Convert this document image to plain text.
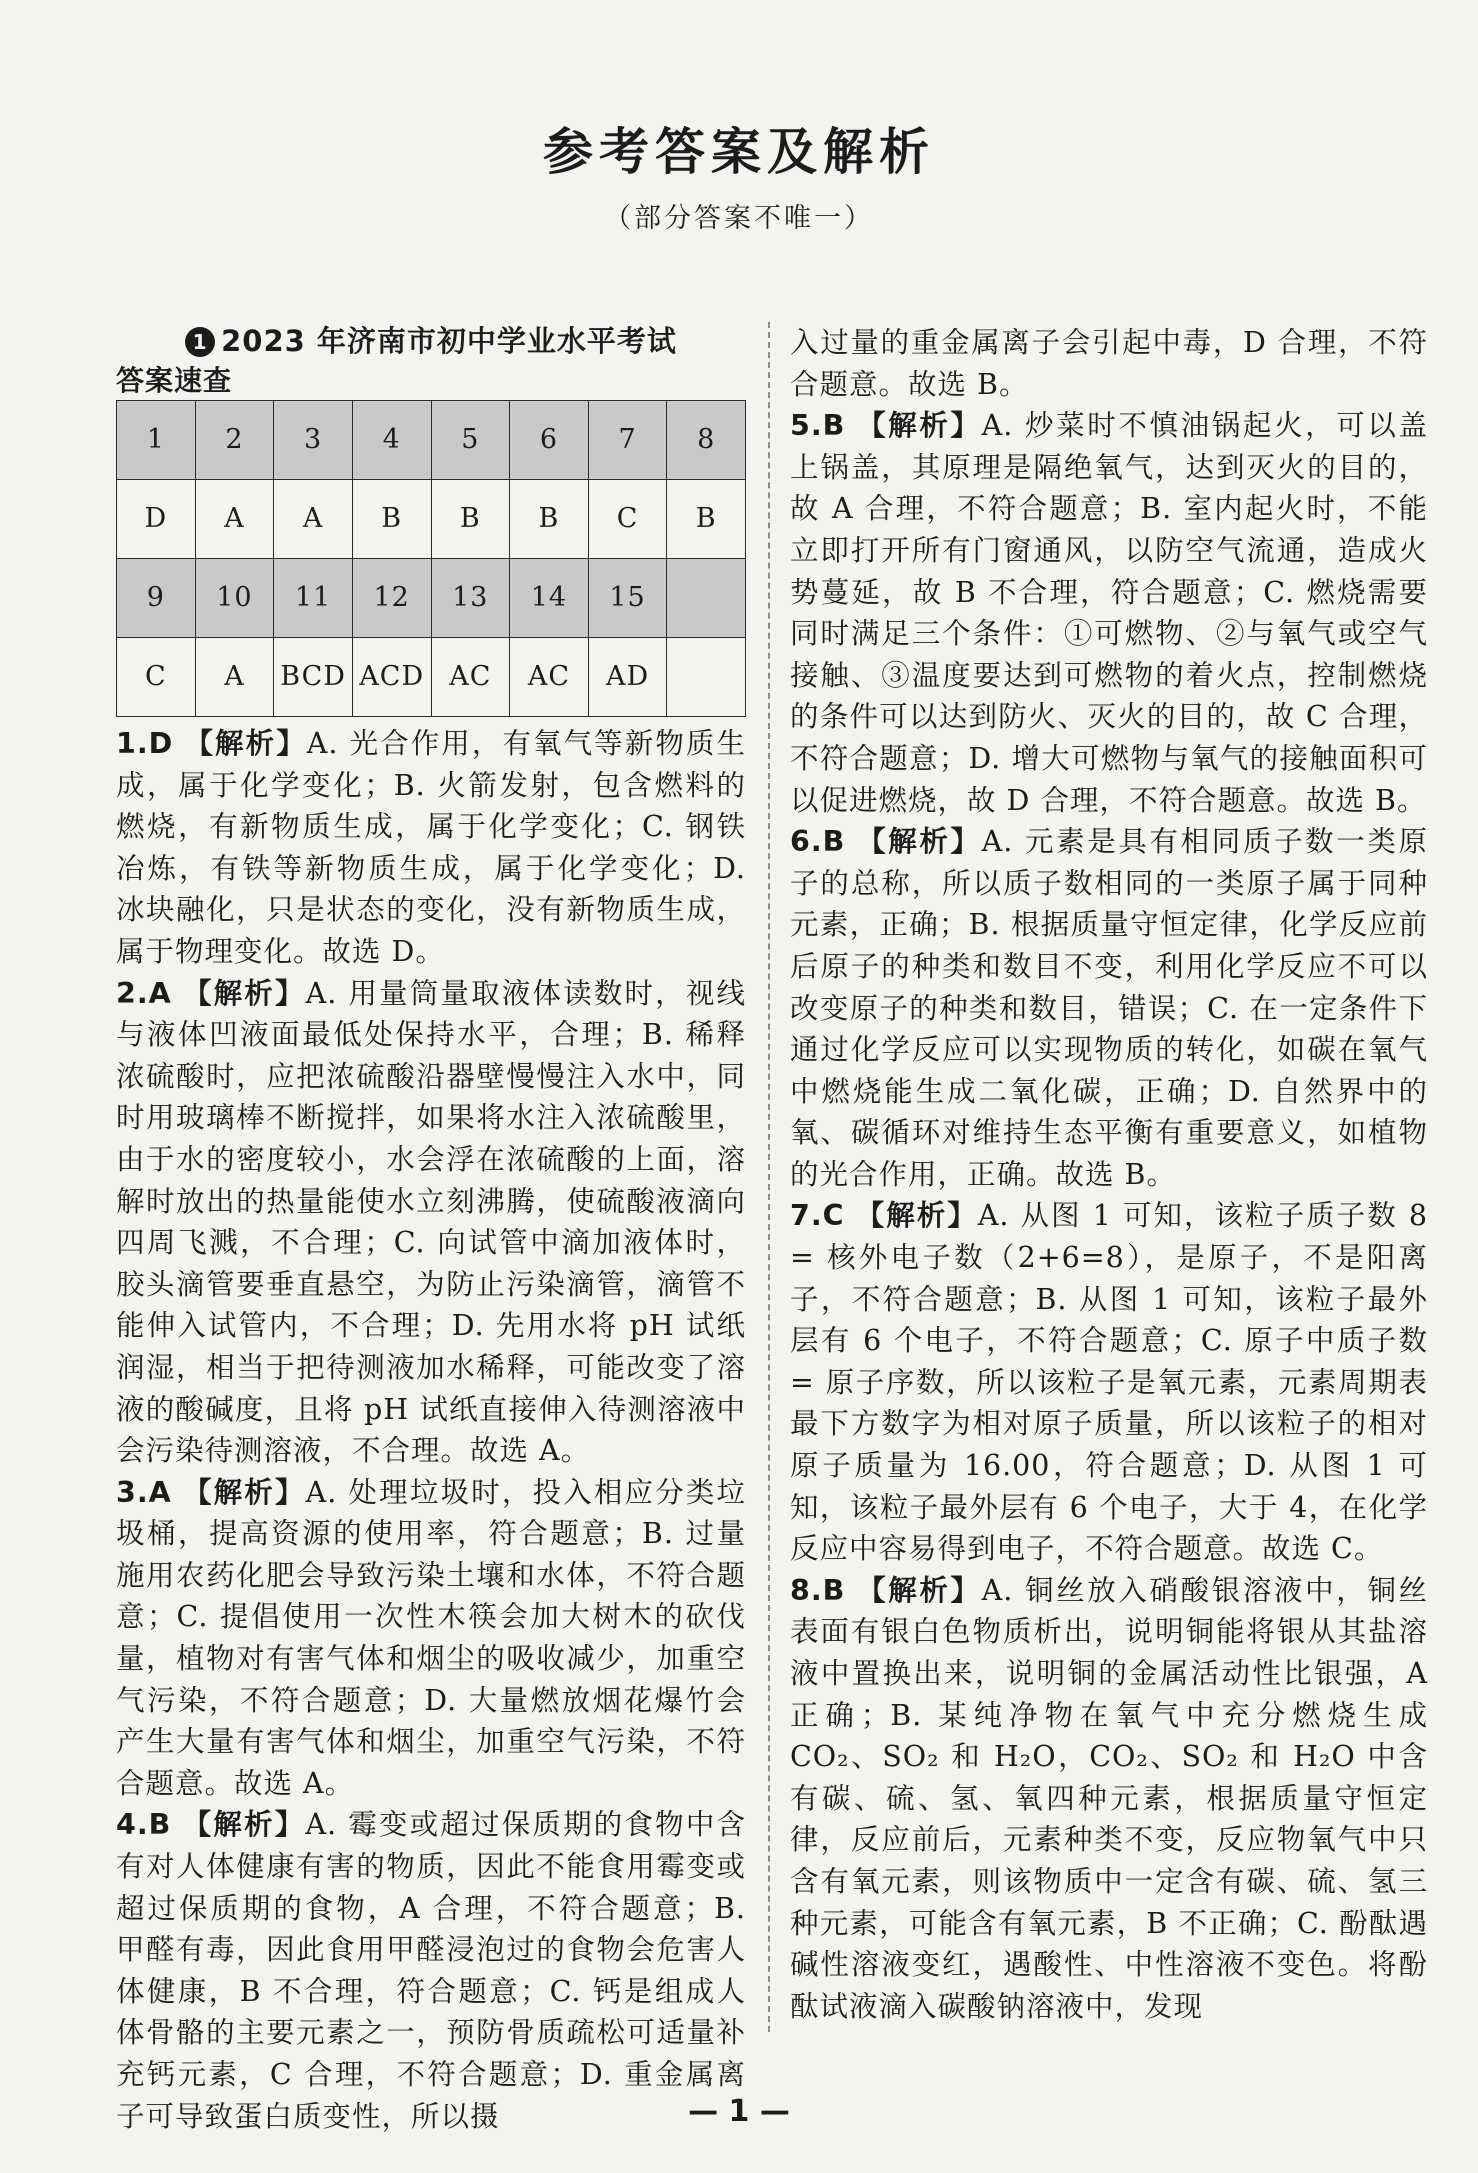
参考答案及解析
（部分答案不唯一）

1 2023 年济南市初中学业水平考试

答案速查
1	2	3	4	5	6	7	8
D	A	A	B	B	B	C	B
9	10	11	12	13	14	15	
C	A	BCD	ACD	AC	AC	AD	

1.D 【解析】A. 光合作用，有氧气等新物质生成，属于化学变化；B. 火箭发射，包含燃料的燃烧，有新物质生成，属于化学变化；C. 钢铁冶炼，有铁等新物质生成，属于化学变化；D. 冰块融化，只是状态的变化，没有新物质生成，属于物理变化。故选 D。

2.A 【解析】A. 用量筒量取液体读数时，视线与液体凹液面最低处保持水平，合理；B. 稀释浓硫酸时，应把浓硫酸沿器壁慢慢注入水中，同时用玻璃棒不断搅拌，如果将水注入浓硫酸里，由于水的密度较小，水会浮在浓硫酸的上面，溶解时放出的热量能使水立刻沸腾，使硫酸液滴向四周飞溅，不合理；C. 向试管中滴加液体时，胶头滴管要垂直悬空，为防止污染滴管，滴管不能伸入试管内，不合理；D. 先用水将 pH 试纸润湿，相当于把待测液加水稀释，可能改变了溶液的酸碱度，且将 pH 试纸直接伸入待测溶液中会污染待测溶液，不合理。故选 A。

3.A 【解析】A. 处理垃圾时，投入相应分类垃圾桶，提高资源的使用率，符合题意；B. 过量施用农药化肥会导致污染土壤和水体，不符合题意；C. 提倡使用一次性木筷会加大树木的砍伐量，植物对有害气体和烟尘的吸收减少，加重空气污染，不符合题意；D. 大量燃放烟花爆竹会产生大量有害气体和烟尘，加重空气污染，不符合题意。故选 A。

4.B 【解析】A. 霉变或超过保质期的食物中含有对人体健康有害的物质，因此不能食用霉变或超过保质期的食物，A 合理，不符合题意；B. 甲醛有毒，因此食用甲醛浸泡过的食物会危害人体健康，B 不合理，符合题意；C. 钙是组成人体骨骼的主要元素之一，预防骨质疏松可适量补充钙元素，C 合理，不符合题意；D. 重金属离子可导致蛋白质变性，所以摄

入过量的重金属离子会引起中毒，D 合理，不符合题意。故选 B。

5.B 【解析】A. 炒菜时不慎油锅起火，可以盖上锅盖，其原理是隔绝氧气，达到灭火的目的，故 A 合理，不符合题意；B. 室内起火时，不能立即打开所有门窗通风，以防空气流通，造成火势蔓延，故 B 不合理，符合题意；C. 燃烧需要同时满足三个条件：①可燃物、②与氧气或空气接触、③温度要达到可燃物的着火点，控制燃烧的条件可以达到防火、灭火的目的，故 C 合理，不符合题意；D. 增大可燃物与氧气的接触面积可以促进燃烧，故 D 合理，不符合题意。故选 B。

6.B 【解析】A. 元素是具有相同质子数一类原子的总称，所以质子数相同的一类原子属于同种元素，正确；B. 根据质量守恒定律，化学反应前后原子的种类和数目不变，利用化学反应不可以改变原子的种类和数目，错误；C. 在一定条件下通过化学反应可以实现物质的转化，如碳在氧气中燃烧能生成二氧化碳，正确；D. 自然界中的氧、碳循环对维持生态平衡有重要意义，如植物的光合作用，正确。故选 B。

7.C 【解析】A. 从图 1 可知，该粒子质子数 8 = 核外电子数（2+6=8），是原子，不是阳离子，不符合题意；B. 从图 1 可知，该粒子最外层有 6 个电子，不符合题意；C. 原子中质子数 = 原子序数，所以该粒子是氧元素，元素周期表最下方数字为相对原子质量，所以该粒子的相对原子质量为 16.00，符合题意；D. 从图 1 可知，该粒子最外层有 6 个电子，大于 4，在化学反应中容易得到电子，不符合题意。故选 C。

8.B 【解析】A. 铜丝放入硝酸银溶液中，铜丝表面有银白色物质析出，说明铜能将银从其盐溶液中置换出来，说明铜的金属活动性比银强，A 正确；B. 某纯净物在氧气中充分燃烧生成 CO₂、SO₂ 和 H₂O，CO₂、SO₂ 和 H₂O 中含有碳、硫、氢、氧四种元素，根据质量守恒定律，反应前后，元素种类不变，反应物氧气中只含有氧元素，则该物质中一定含有碳、硫、氢三种元素，可能含有氧元素，B 不正确；C. 酚酞遇碱性溶液变红，遇酸性、中性溶液不变色。将酚酞试液滴入碳酸钠溶液中，发现

— 1 —
